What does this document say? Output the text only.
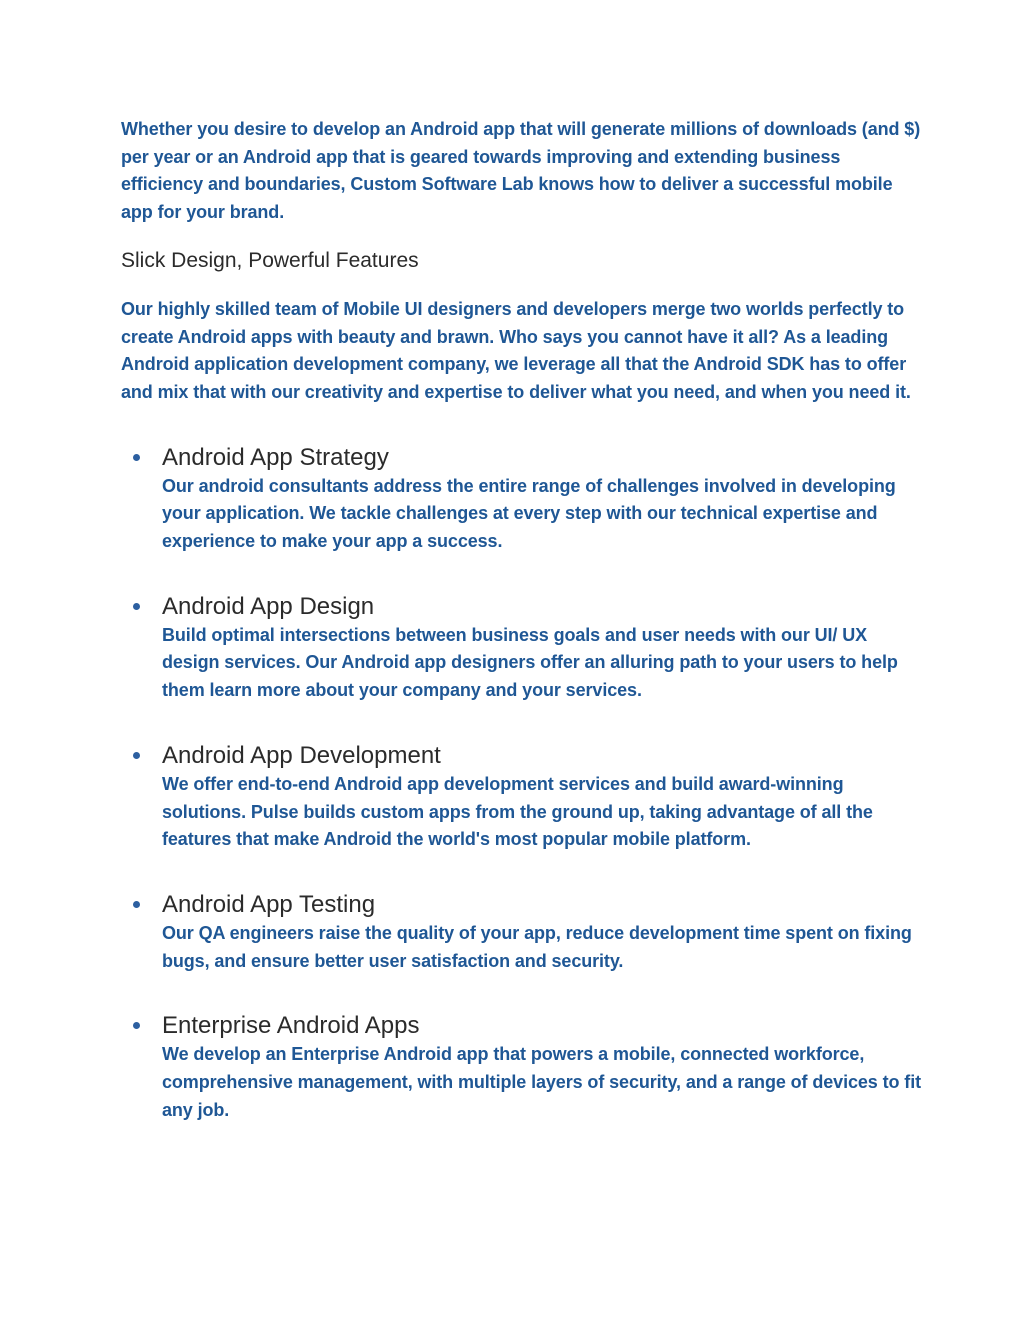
Whether you desire to develop an Android app that will generate millions of downloads (and $) per year or an Android app that is geared towards improving and extending business efficiency and boundaries, Custom Software Lab knows how to deliver a successful mobile app for your brand.

Slick Design, Powerful Features

Our highly skilled team of Mobile UI designers and developers merge two worlds perfectly to create Android apps with beauty and brawn. Who says you cannot have it all? As a leading Android application development company, we leverage all that the Android SDK has to offer and mix that with our creativity and expertise to deliver what you need, and when you need it.

Android App Strategy
Our android consultants address the entire range of challenges involved in developing your application. We tackle challenges at every step with our technical expertise and experience to make your app a success.
Android App Design
Build optimal intersections between business goals and user needs with our UI/ UX design services. Our Android app designers offer an alluring path to your users to help them learn more about your company and your services.
Android App Development
We offer end-to-end Android app development services and build award-winning solutions. Pulse builds custom apps from the ground up, taking advantage of all the features that make Android the world's most popular mobile platform.
Android App Testing
Our QA engineers raise the quality of your app, reduce development time spent on fixing bugs, and ensure better user satisfaction and security.
Enterprise Android Apps
We develop an Enterprise Android app that powers a mobile, connected workforce, comprehensive management, with multiple layers of security, and a range of devices to fit any job.
